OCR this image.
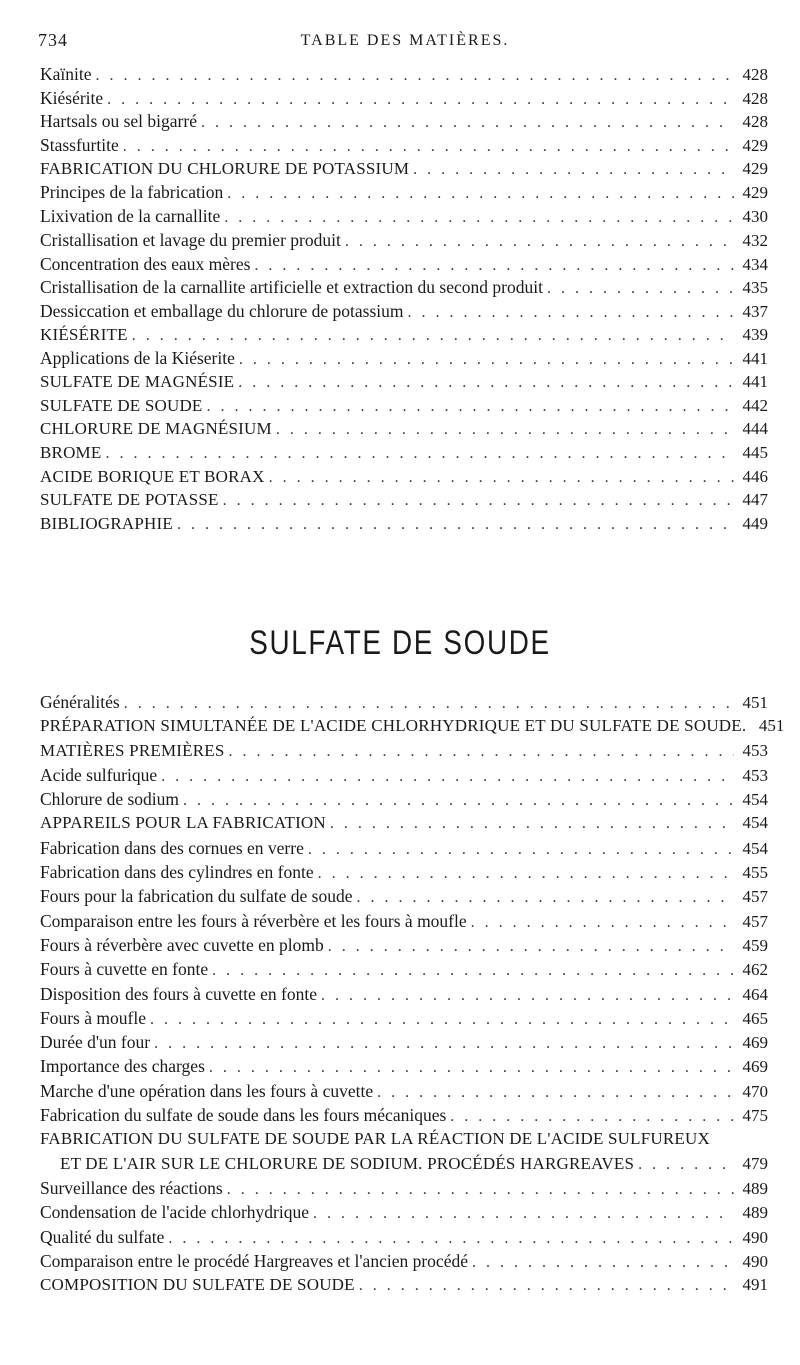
734	TABLE DES MATIÈRES.
Kaïnite . . .	428
Kiésérite . . .	428
Hartsals ou sel bigarré . . .	428
Stassfurtite . . .	429
FABRICATION DU CHLORURE DE POTASSIUM . . .	429
Principes de la fabrication . . .	429
Lixivation de la carnallite . . .	430
Cristallisation et lavage du premier produit . . .	432
Concentration des eaux mères . . .	434
Cristallisation de la carnallite artificielle et extraction du second produit . . .	435
Dessiccation et emballage du chlorure de potassium . . .	437
KIÉSÉRITE . . .	439
Applications de la Kiéserite . . .	441
SULFATE DE MAGNÉSIE . . .	441
SULFATE DE SOUDE . . .	442
CHLORURE DE MAGNÉSIUM . . .	444
BROME . . .	445
ACIDE BORIQUE ET BORAX . . .	446
SULFATE DE POTASSE . . .	447
BIBLIOGRAPHIE . . .	449
SULFATE DE SOUDE
Généralités . . .	451
PRÉPARATION SIMULTANÉE DE L'ACIDE CHLORHYDRIQUE ET DU SULFATE DE SOUDE. 451
MATIÈRES PREMIÈRES . . .	453
Acide sulfurique . . .	453
Chlorure de sodium . . .	454
APPAREILS POUR LA FABRICATION . . .	454
Fabrication dans des cornues en verre . . .	454
Fabrication dans des cylindres en fonte . . .	455
Fours pour la fabrication du sulfate de soude . . .	457
Comparaison entre les fours à réverbère et les fours à moufle . . .	457
Fours à réverbère avec cuvette en plomb . . .	459
Fours à cuvette en fonte . . .	462
Disposition des fours à cuvette en fonte . . .	464
Fours à moufle . . .	465
Durée d'un four . . .	469
Importance des charges . . .	469
Marche d'une opération dans les fours à cuvette . . .	470
Fabrication du sulfate de soude dans les fours mécaniques . . .	475
FABRICATION DU SULFATE DE SOUDE PAR LA RÉACTION DE L'ACIDE SULFUREUX
ET DE L'AIR SUR LE CHLORURE DE SODIUM. PROCÉDÉS HARGREAVES . . .	479
Surveillance des réactions . . .	489
Condensation de l'acide chlorhydrique . . .	489
Qualité du sulfate . . .	490
Comparaison entre le procédé Hargreaves et l'ancien procédé . . .	490
COMPOSITION DU SULFATE DE SOUDE . . .	491
